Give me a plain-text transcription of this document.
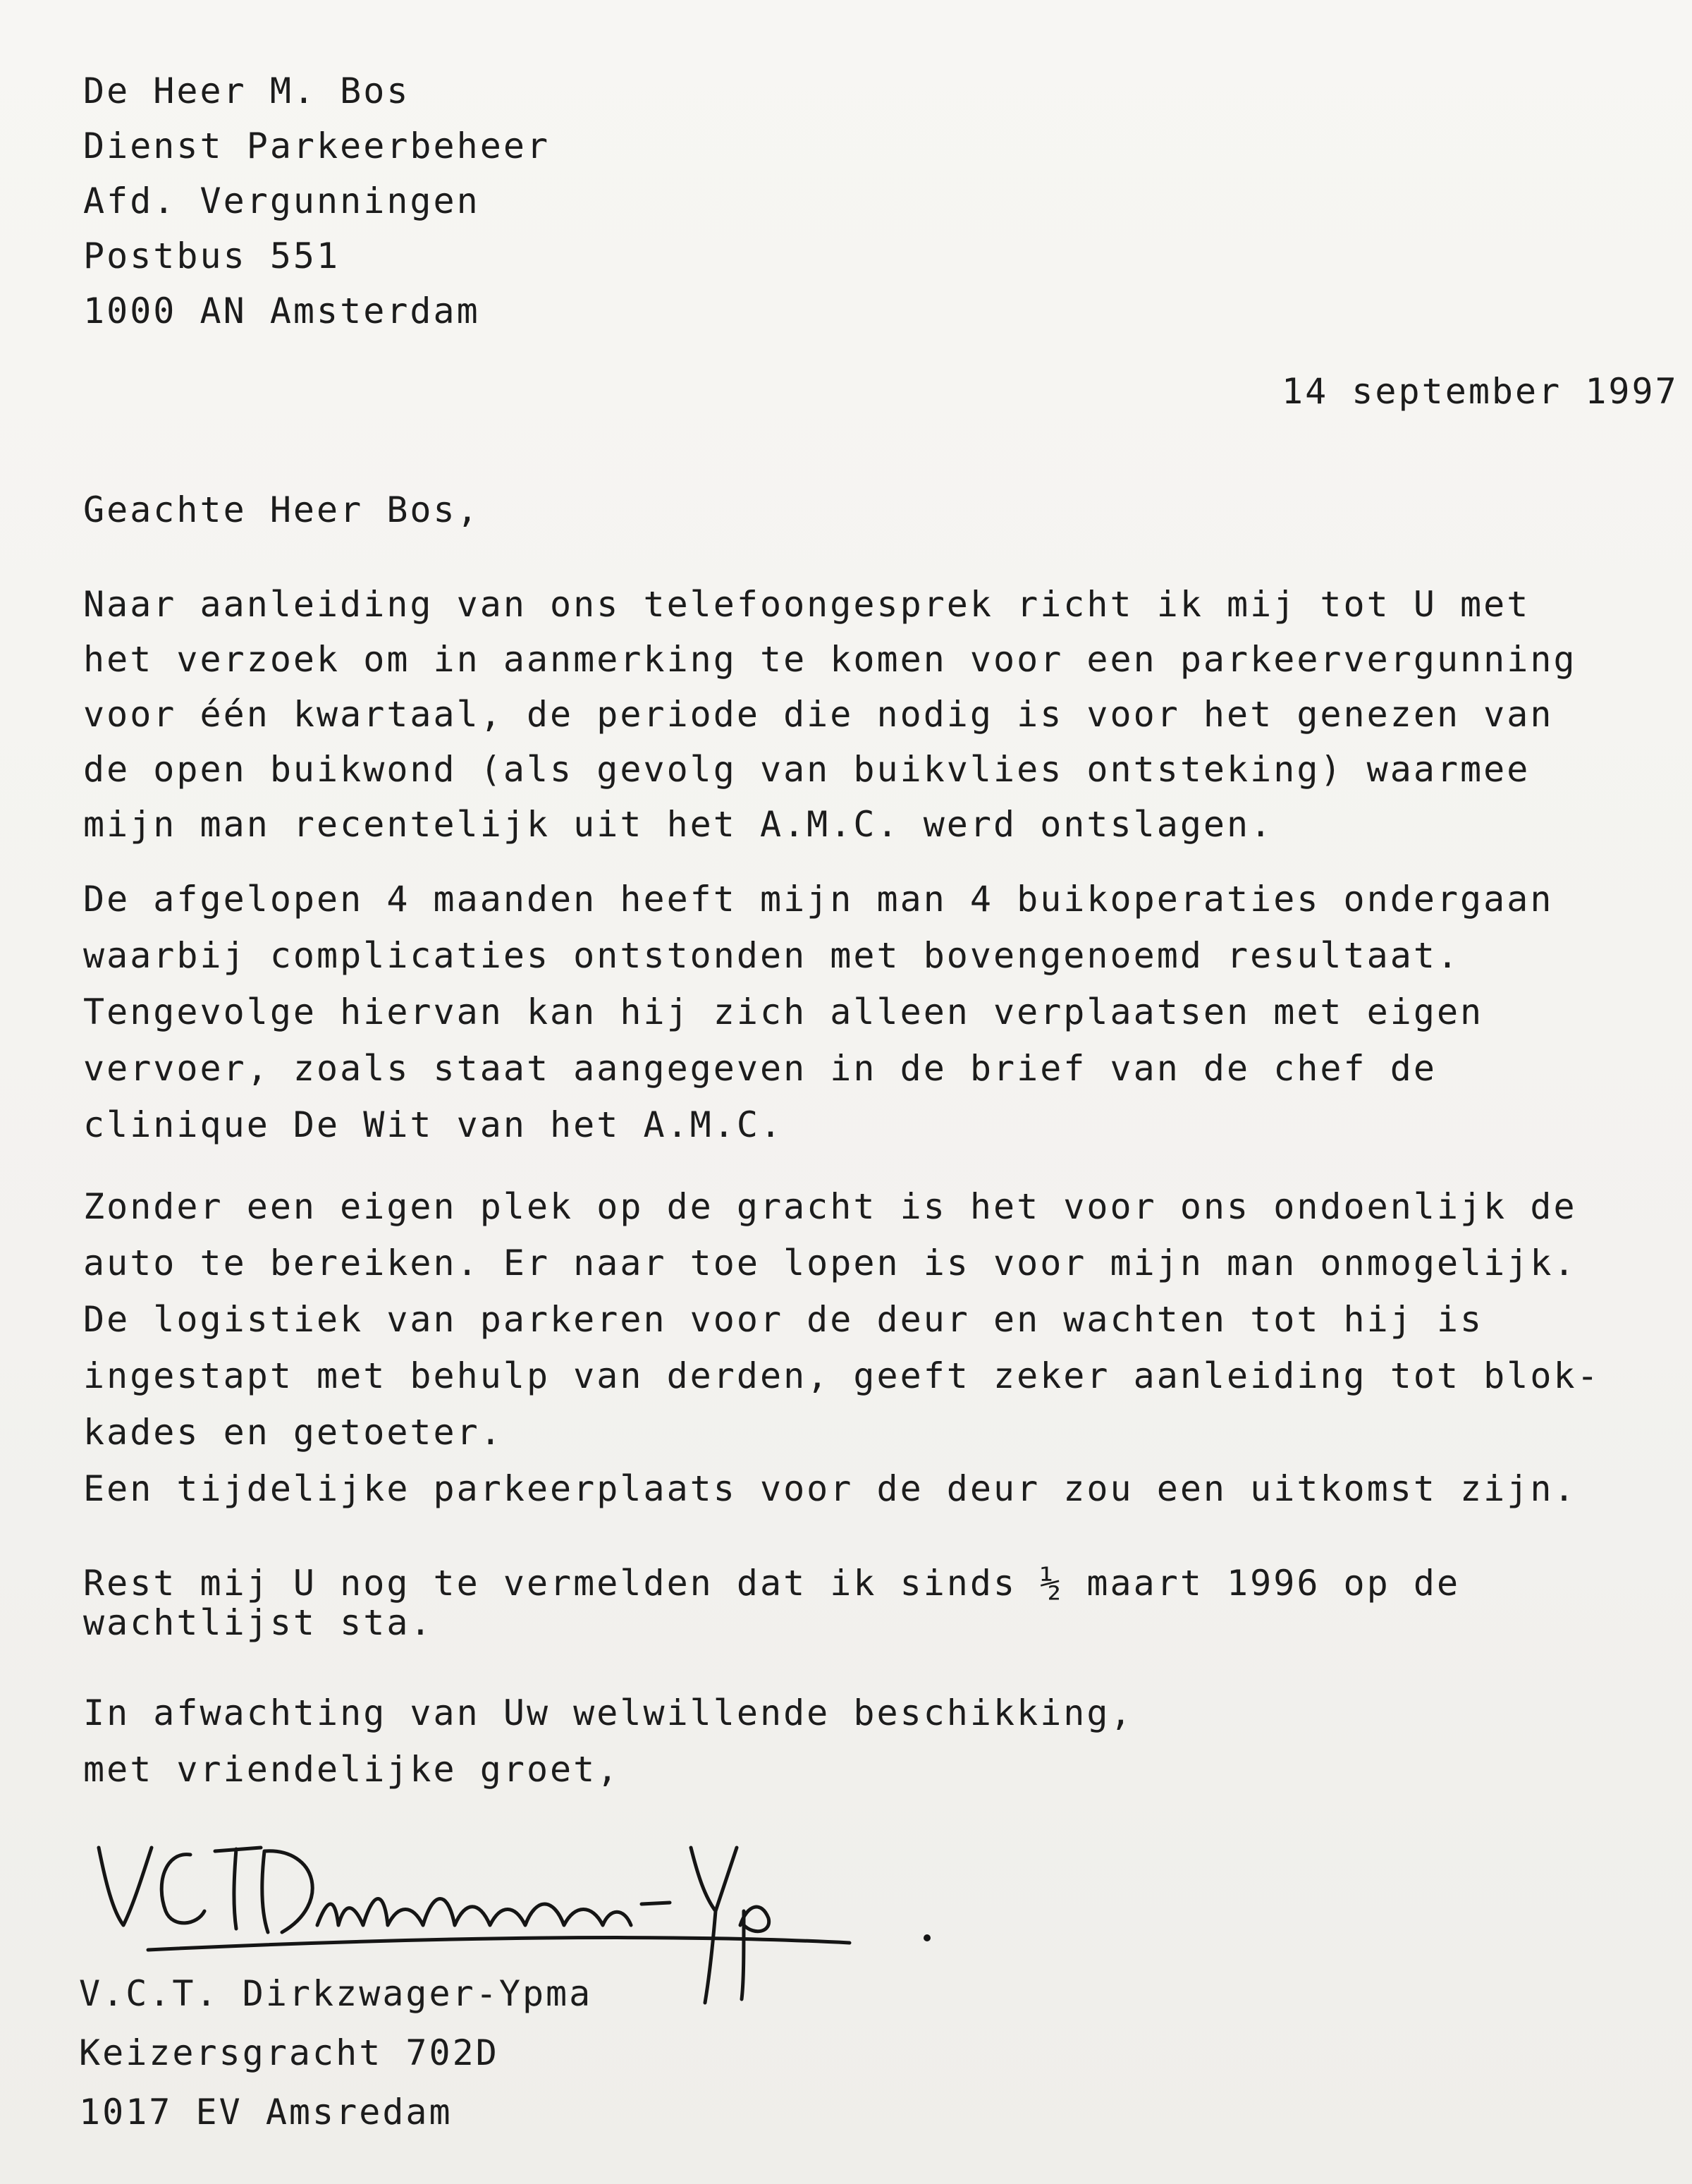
De Heer M. Bos
Dienst Parkeerbeheer
Afd. Vergunningen
Postbus 551
1000 AN Amsterdam
14 september 1997
Geachte Heer Bos,
Naar aanleiding van ons telefoongesprek richt ik mij tot U met
het verzoek om in aanmerking te komen voor een parkeervergunning
voor één kwartaal, de periode die nodig is voor het genezen van
de open buikwond (als gevolg van buikvlies ontsteking) waarmee
mijn man recentelijk uit het A.M.C. werd ontslagen.
De afgelopen 4 maanden heeft mijn man 4 buikoperaties ondergaan
waarbij complicaties ontstonden met bovengenoemd resultaat.
Tengevolge hiervan kan hij zich alleen verplaatsen met eigen
vervoer, zoals staat aangegeven in de brief van de chef de
clinique De Wit van het A.M.C.
Zonder een eigen plek op de gracht is het voor ons ondoenlijk de
auto te bereiken. Er naar toe lopen is voor mijn man onmogelijk.
De logistiek van parkeren voor de deur en wachten tot hij is
ingestapt met behulp van derden, geeft zeker aanleiding tot blok-
kades en getoeter.
Een tijdelijke parkeerplaats voor de deur zou een uitkomst zijn.
Rest mij U nog te vermelden dat ik sinds ½ maart 1996 op de
wachtlijst sta.
In afwachting van Uw welwillende beschikking,
met vriendelijke groet,
VCT Dirkzwager-Ypma
V.C.T. Dirkzwager-Ypma
Keizersgracht 702D
1017 EV Amsredam
